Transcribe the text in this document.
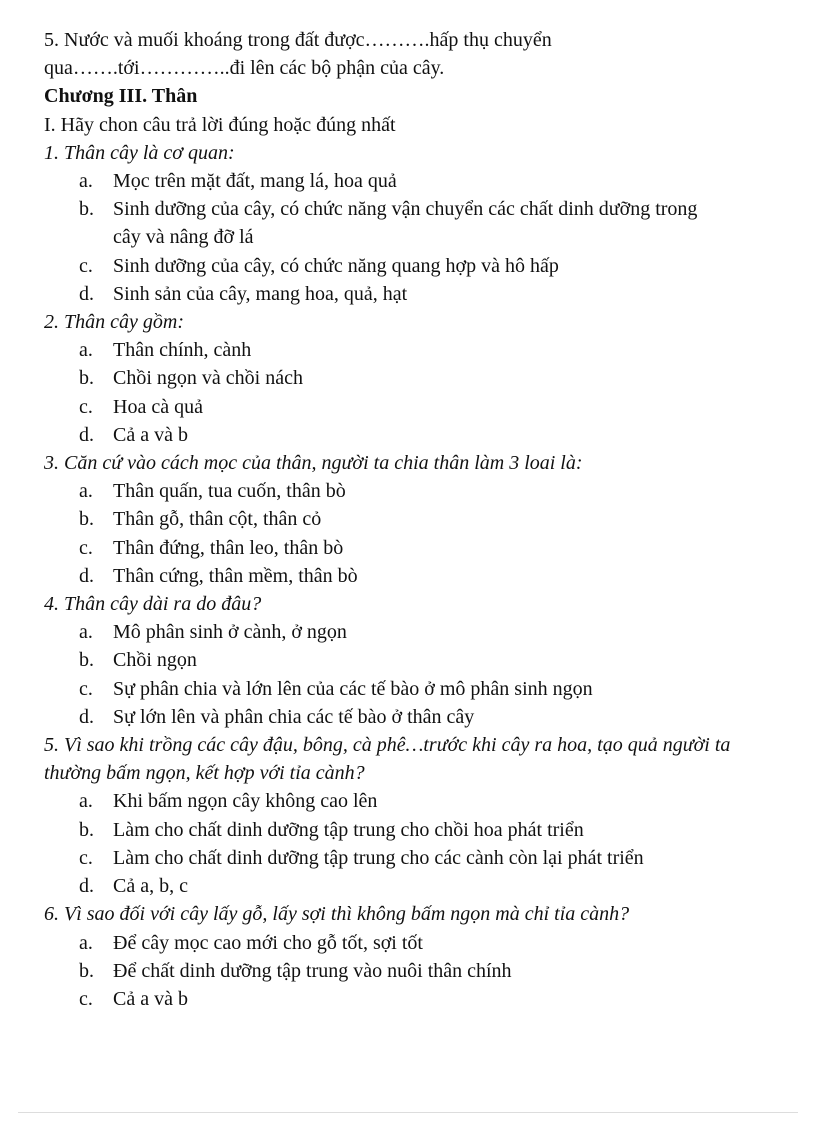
5. Nước và muối khoáng trong đất được……….hấp thụ chuyển qua…….tới…………..đi lên các bộ phận của cây.

Chương III. Thân

I. Hãy chon câu trả lời đúng hoặc đúng nhất

1. Thân cây là cơ quan:

a.	Mọc trên mặt đất, mang lá, hoa quả
b. Sinh dưỡng của cây, có chức năng vận chuyển các chất dinh dưỡng trong cây và nâng đỡ lá
c.	Sinh dưỡng của cây, có chức năng quang hợp và hô hấp
d. Sinh sản của cây, mang hoa, quả, hạt

2. Thân cây gồm:

a.	Thân chính, cành
b. Chồi ngọn và chồi nách
c.	Hoa cà quả
d. Cả a và b

3. Căn cứ vào cách mọc của thân, người ta chia thân làm 3 loai là:

a.	Thân quấn, tua cuốn, thân bò
b. Thân gỗ, thân cột, thân cỏ
c.	Thân đứng, thân leo, thân bò
d. Thân cứng, thân mềm, thân bò

4. Thân cây dài ra do đâu?

a.	Mô phân sinh ở cành, ở ngọn
b. Chồi ngọn
c.	Sự phân chia và lớn lên của các tế bào ở mô phân sinh ngọn
d. Sự lớn lên và phân chia các tế bào ở thân cây

5. Vì sao khi trồng các cây đậu, bông, cà phê…trước khi cây ra hoa, tạo quả người ta thường bấm ngọn, kết hợp với tỉa cành?

a.	Khi bấm ngọn cây không cao lên
b. Làm cho chất dinh dưỡng tập trung cho chồi hoa phát triển
c.	Làm cho chất dinh dưỡng tập trung cho các cành còn lại phát triển
d. Cả a, b, c

6. Vì sao đối với cây lấy gỗ, lấy sợi thì không bấm ngọn mà chỉ tỉa cành?

a.	Để cây mọc cao mới cho gỗ tốt, sợi tốt
b. Để chất dinh dưỡng tập trung vào nuôi thân chính
c.	Cả a và b
